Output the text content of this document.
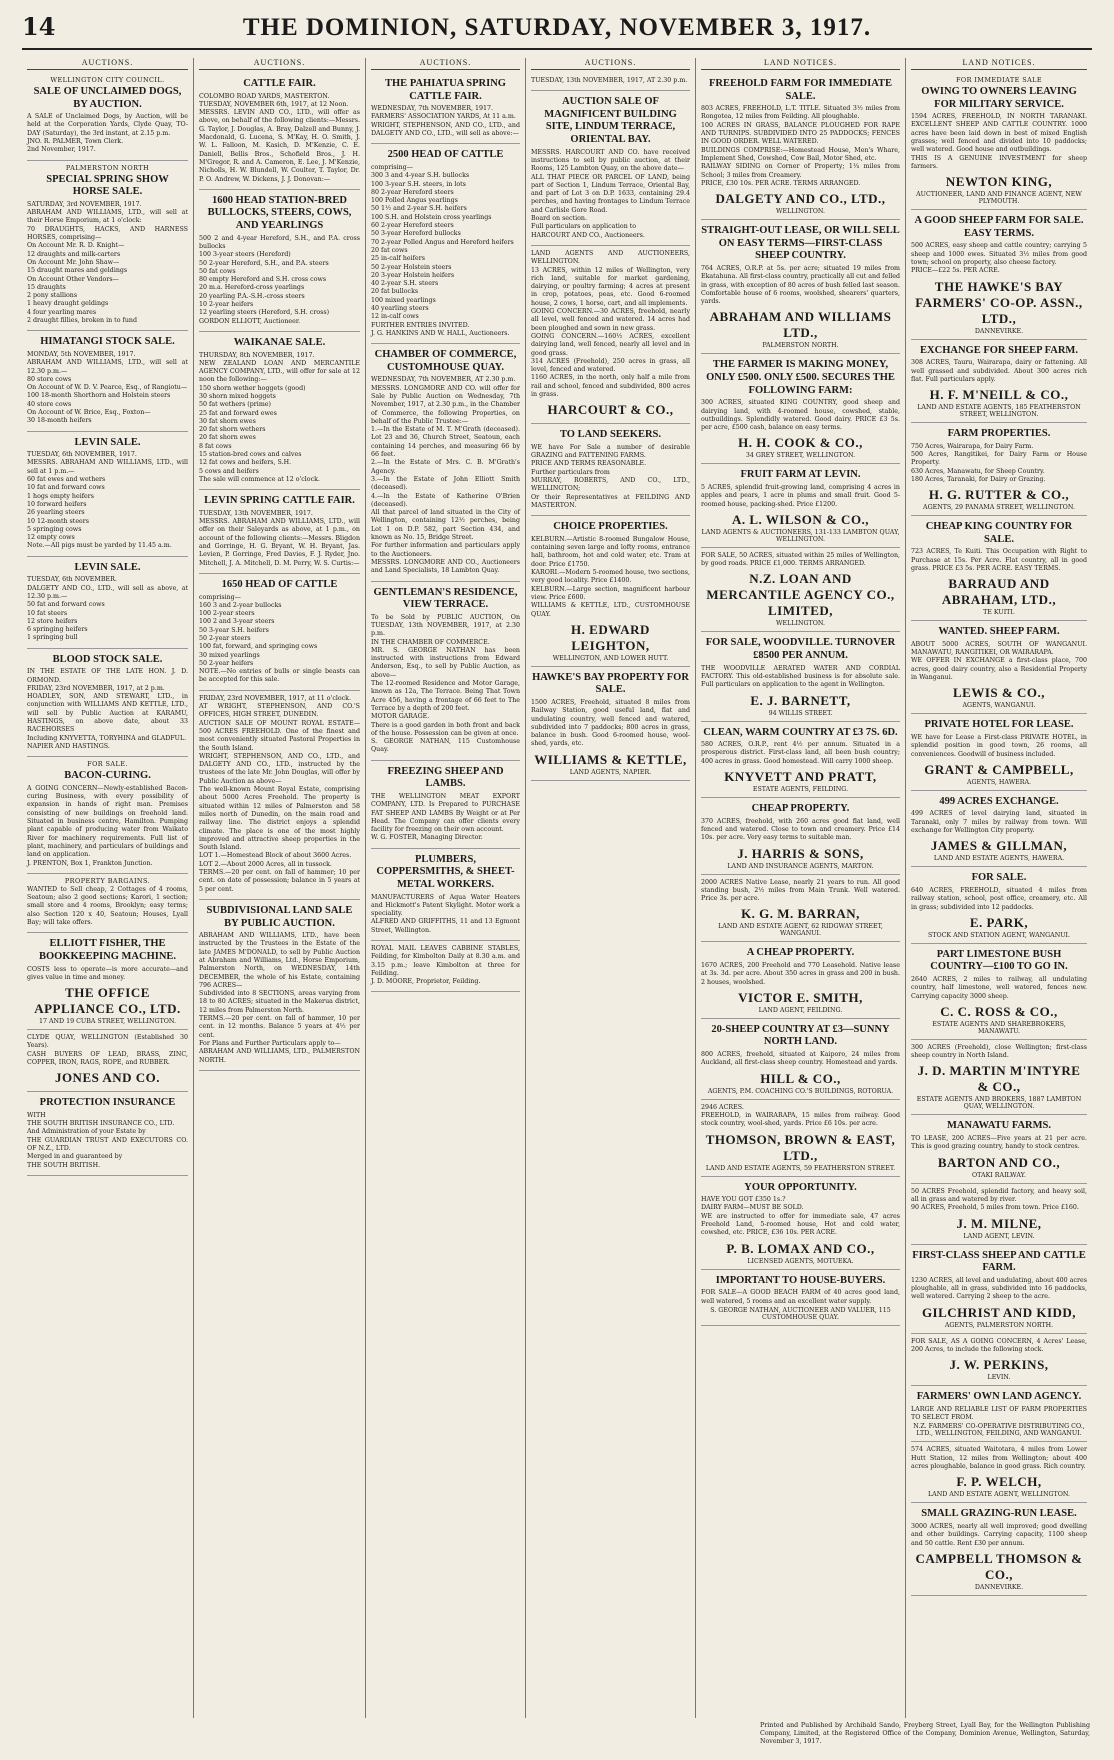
14	THE DOMINION, SATURDAY, NOVEMBER 3, 1917.
AUCTIONS.
WELLINGTON CITY COUNCIL.
SALE OF UNCLAIMED DOGS, BY AUCTION.
A SALE of Unclaimed Dogs, by Auction, will be held at the Corporation Yards, Clyde Quay, TO-DAY (Saturday), the 3rd instant, at 2.15 p.m.
JNO. R. PALMER, Town Clerk.
2nd November, 1917.
PALMERSTON NORTH
SPECIAL SPRING SHOW HORSE SALE.
SATURDAY, 3rd NOVEMBER, 1917.
ABRAHAM AND WILLIAMS, LTD., will sell at their Horse Emporium, at 1 o'clock:
70 DRAUGHTS, HACKS, AND HARNESS HORSES, comprising—
On Account Mr. R. D. Knight—
12 draughts and milk-carters
On Account Mr. John Shaw—
15 draught mares and geldings
On Account Other Vendors—
15 draughts
2 pony stallions
1 heavy draught geldings
4 four yearling mares
2 draught fillies, broken in to fund
HIMATANGI STOCK SALE.
MONDAY, 5th NOVEMBER, 1917.
ABRAHAM AND WILLIAMS, LTD., will sell at 12.30 p.m.—
80 store cows
On Account of W. D. V. Pearce, Esq., of Rangiotu—
100 18-month Shorthorn and Holstein steers
40 store cows
On Account of W. Brice, Esq., Foxton—
30 18-month heifers
LEVIN SALE.
TUESDAY, 6th NOVEMBER, 1917.
MESSRS. ABRAHAM AND WILLIAMS, LTD., will sell at 1 p.m.—
60 fat ewes and wethers
10 fat and forward cows
1 hogs empty heifers
10 forward heifers
26 yearling steers
10 12-month steers
5 springing cows
12 empty cows
Note.—All pigs must be yarded by 11.45 a.m.
LEVIN SALE.
TUESDAY, 6th NOVEMBER.
DALGETY AND CO., LTD., will sell as above, at 12.30 p.m.—
50 fat and forward cows
10 fat steers
12 store heifers
6 springing heifers
1 springing bull
BLOOD STOCK SALE.
IN THE ESTATE OF THE LATE HON. J. D. ORMOND.
FRIDAY, 23rd NOVEMBER, 1917, at 2 p.m.
HOADLEY, SON, AND STEWART, LTD., in conjunction with WILLIAMS AND KETTLE, LTD., will sell by Public Auction at KARAMU, HASTINGS, on above date, about 33 RACEHORSES
Including KNYVETTA, TORYHINA and GLADFUL.
NAPIER AND HASTINGS.
FOR SALE.
BACON-CURING.
A GOING CONCERN—Newly-established Bacon-curing Business, with every possibility of expansion in hands of right man. Premises consisting of new buildings on freehold land. Situated in business centre, Hamilton. Pumping plant capable of producing water from Waikato River for machinery requirements. Full list of plant, machinery, and particulars of buildings and land on application.
J. PRENTON, Box 1, Frankton Junction.
PROPERTY BARGAINS.
WANTED to Sell cheap, 2 Cottages of 4 rooms, Seatoun; also 2 good sections; Karori, 1 section; small store and 4 rooms, Brooklyn; easy terms; also Section 120 x 40, Seatoun; Houses, Lyall Bay; will take offers.
ELLIOTT FISHER, THE BOOKKEEPING MACHINE.
COSTS less to operate—is more accurate—and gives value in time and money.
THE OFFICE APPLIANCE CO., LTD.
17 AND 19 CUBA STREET, WELLINGTON.
CLYDE QUAY, WELLINGTON (Established 30 Years).
CASH BUYERS OF LEAD, BRASS, ZINC, COPPER, IRON, RAGS, ROPE, and RUBBER.
JONES AND CO.
PROTECTION INSURANCE
WITH
THE SOUTH BRITISH INSURANCE CO., LTD.
And Administration of your Estate by
THE GUARDIAN TRUST AND EXECUTORS CO. OF N.Z., LTD.
Merged in and guaranteed by
THE SOUTH BRITISH.
AUCTIONS.
CATTLE FAIR.
COLOMBO ROAD YARDS, MASTERTON.
TUESDAY, NOVEMBER 6th, 1917, at 12 Noon.
MESSRS. LEVIN AND CO., LTD., will offer as above, on behalf of the following clients:—Messrs. G. Taylor, J. Douglas, A. Bray, Dalzell and Bunny, J. Macdonald, G. Lucena, S. M'Kay, H. O. Smith, J. W. L. Falloon, M. Kasich, D. M'Kenzie, C. E. Daniell, Bellis Bros., Schofield Bros., J. H. M'Gregor, R. and A. Cameron, E. Lee, J. M'Kenzie, Nicholls, H. W. Blundell, W. Coulter, T. Taylor, Dr. P. O. Andrew, W. Dickens, J. J. Donovan:—
1600 HEAD STATION-BRED BULLOCKS, STEERS, COWS, AND YEARLINGS
500 2 and 4-year Hereford, S.H., and P.A. cross bullocks
100 3-year steers (Hereford)
50 2-year Hereford, S.H., and P.A. steers
50 fat cows
80 empty Hereford and S.H. cross cows
20 m.a. Hereford-cross yearlings
20 yearling P.A.-S.H.-cross steers
10 2-year heifers
12 yearling steers (Hereford, S.H. cross)
GORDON ELLIOTT, Auctioneer.
WAIKANAE SALE.
THURSDAY, 8th NOVEMBER, 1917.
NEW ZEALAND LOAN AND MERCANTILE AGENCY COMPANY, LTD., will offer for sale at 12 noon the following:—
150 shorn wether hoggets (good)
30 shorn mixed hoggets
50 fat wethers (prime)
25 fat and forward ewes
30 fat shorn ewes
20 fat shorn wethers
20 fat shorn ewes
8 fat cows
15 station-bred cows and calves
12 fat cows and heifers, S.H.
5 cows and heifers
The sale will commence at 12 o'clock.
LEVIN SPRING CATTLE FAIR.
TUESDAY, 13th NOVEMBER, 1917.
MESSRS. ABRAHAM AND WILLIAMS, LTD., will offer on their Saleyards as above, at 1 p.m., on account of the following clients:—Messrs. Bligdon and Gorringe, H. G. Bryant, W. H. Bryant, Jas. Levien, P. Gorringe, Fred Davies, F. J. Ryder, Jno. Mitchell, J. A. Mitchell, D. M. Perry, W. S. Curtis:—
1650 HEAD OF CATTLE
comprising—
160 3 and 2-year bullocks
100 2-year steers
100 2 and 3-year steers
50 3-year S.H. heifers
50 2-year steers
100 fat, forward, and springing cows
30 mixed yearlings
50 2-year heifers
NOTE.—No entries of bulls or single beasts can be accepted for this sale.
FRIDAY, 23rd NOVEMBER, 1917, at 11 o'clock.
AT WRIGHT, STEPHENSON, AND CO.'S OFFICES, HIGH STREET, DUNEDIN.
AUCTION SALE OF MOUNT ROYAL ESTATE—500 ACRES FREEHOLD. One of the finest and most conveniently situated Pastoral Properties in the South Island.
WRIGHT, STEPHENSON, AND CO., LTD., and DALGETY AND CO., LTD., instructed by the trustees of the late Mr. John Douglas, will offer by Public Auction as above—
The well-known Mount Royal Estate, comprising about 5000 Acres Freehold. The property is situated within 12 miles of Palmerston and 58 miles north of Dunedin, on the main road and railway line. The district enjoys a splendid climate. The place is one of the most highly improved and attractive sheep properties in the South Island.
LOT 1.—Homestead Block of about 3600 Acres.
LOT 2.—About 2000 Acres, all in tussock.
TERMS.—20 per cent. on fall of hammer; 10 per cent. on date of possession; balance in 5 years at 5 per cent.
SUBDIVISIONAL LAND SALE BY PUBLIC AUCTION.
ABRAHAM AND WILLIAMS, LTD., have been instructed by the Trustees in the Estate of the late JAMES M'DONALD, to sell by Public Auction at Abraham and Williams, Ltd., Horse Emporium, Palmerston North, on WEDNESDAY, 14th DECEMBER, the whole of his Estate, containing 796 ACRES—
Subdivided into 8 SECTIONS, areas varying from 18 to 80 ACRES; situated in the Makerua district, 12 miles from Palmerston North.
TERMS.—20 per cent. on fall of hammer, 10 per cent. in 12 months. Balance 5 years at 4½ per cent.
For Plans and Further Particulars apply to—
ABRAHAM AND WILLIAMS, LTD., PALMERSTON NORTH.
AUCTIONS.
THE PAHIATUA SPRING CATTLE FAIR.
WEDNESDAY, 7th NOVEMBER, 1917.
FARMERS' ASSOCIATION YARDS, At 11 a.m.
WRIGHT, STEPHENSON, AND CO., LTD., and DALGETY AND CO., LTD., will sell as above:—
2500 HEAD OF CATTLE
comprising—
300 3 and 4-year S.H. bullocks
100 3-year S.H. steers, in lots
80 2-year Hereford steers
100 Polled Angus yearlings
50 1½ and 2-year S.H. heifers
100 S.H. and Holstein cross yearlings
60 2-year Hereford steers
50 3-year Hereford bullocks
70 2-year Polled Angus and Hereford heifers
20 fat cows
25 in-calf heifers
50 2-year Holstein steers
20 3-year Holstein heifers
40 2-year S.H. steers
20 fat bullocks
100 mixed yearlings
40 yearling steers
12 in-calf cows
FURTHER ENTRIES INVITED.
J. G. HANKINS AND W. HALL, Auctioneers.
CHAMBER OF COMMERCE, CUSTOMHOUSE QUAY.
WEDNESDAY, 7th NOVEMBER, AT 2.30 p.m.
MESSRS. LONGMORE AND CO. will offer for Sale by Public Auction on Wednesday, 7th November, 1917, at 2.30 p.m., in the Chamber of Commerce, the following Properties, on behalf of the Public Trustee:—
1.—In the Estate of M. T. M'Grath (deceased). Lot 23 and 36, Church Street, Seatoun, each containing 14 perches, and measuring 66 by 66 feet.
2.—In the Estate of Mrs. C. B. M'Grath's Agency.
3.—In the Estate of John Elliott Smith (deceased).
4.—In the Estate of Katherine O'Brien (deceased).
All that parcel of land situated in the City of Wellington, containing 12½ perches, being Lot 1 on D.P. 582, part Section 434, and known as No. 15, Bridge Street.
For further information and particulars apply to the Auctioneers.
MESSRS. LONGMORE AND CO., Auctioneers and Land Specialists, 18 Lambton Quay.
GENTLEMAN'S RESIDENCE, VIEW TERRACE.
To be Sold by PUBLIC AUCTION, On TUESDAY, 13th NOVEMBER, 1917, at 2.30 p.m.
IN THE CHAMBER OF COMMERCE.
MR. S. GEORGE NATHAN has been instructed with instructions from Edward Anderson, Esq., to sell by Public Auction, as above—
The 12-roomed Residence and Motor Garage, known as 12a, The Terrace. Being That Town Acre 456, having a frontage of 66 feet to The Terrace by a depth of 200 feet.
MOTOR GARAGE.
There is a good garden in both front and back of the house. Possession can be given at once.
S. GEORGE NATHAN, 115 Customhouse Quay.
FREEZING SHEEP AND LAMBS.
THE WELLINGTON MEAT EXPORT COMPANY, LTD. Is Prepared to PURCHASE FAT SHEEP AND LAMBS By Weight or at Per Head. The Company can offer clients every facility for freezing on their own account.
W. G. FOSTER, Managing Director.
PLUMBERS, COPPERSMITHS, & SHEET-METAL WORKERS.
MANUFACTURERS of Aqua Water Heaters and Hickmott's Patent Skylight. Motor work a speciality.
ALFRED AND GRIFFITHS, 11 and 13 Egmont Street, Wellington.
ROYAL MAIL LEAVES CABBINE STABLES, Feilding, for Kimbolton Daily at 8.30 a.m. and 3.15 p.m.; leave Kimbolton at three for Feilding.
J. D. MOORE, Proprietor, Feilding.
AUCTIONS.
TUESDAY, 13th NOVEMBER, 1917, AT 2.30 p.m.
AUCTION SALE OF MAGNIFICENT BUILDING SITE, LINDUM TERRACE, ORIENTAL BAY.
MESSRS. HARCOURT AND CO. have received instructions to sell by public auction, at their Rooms, 125 Lambton Quay, on the above date—
ALL THAT PIECE OR PARCEL OF LAND, being part of Section 1, Lindum Terrace, Oriental Bay, and part of Lot 3 on D.P. 1633, containing 29.4 perches, and having frontages to Lindum Terrace and Carlisle Gore Road.
Board on section.
Full particulars on application to
HARCOURT AND CO., Auctioneers.
LAND AGENTS AND AUCTIONEERS, WELLINGTON.
13 ACRES, within 12 miles of Wellington, very rich land, suitable for market gardening, dairying, or poultry farming; 4 acres at present in crop, potatoes, peas, etc. Good 6-roomed house, 2 cows, 1 horse, cart, and all implements.
GOING CONCERN.—30 ACRES, freehold, nearly all level, well fenced and watered. 14 acres had been ploughed and sown in new grass.
GOING CONCERN.—160½ ACRES, excellent dairying land, well fenced, nearly all level and in good grass.
314 ACRES (Freehold), 250 acres in grass, all level, fenced and watered.
1160 ACRES, in the north, only half a mile from rail and school, fenced and subdivided, 800 acres in grass.
HARCOURT & CO.,
TO LAND SEEKERS.
WE have For Sale a number of desirable GRAZING and FATTENING FARMS.
PRICE AND TERMS REASONABLE.
Further particulars from
MURRAY, ROBERTS, AND CO., LTD., WELLINGTON;
Or their Representatives at FEILDING AND MASTERTON.
CHOICE PROPERTIES.
KELBURN.—Artistic 8-roomed Bungalow House, containing seven large and lofty rooms, entrance hall, bathroom, hot and cold water, etc. Tram at door. Price £1750.
KARORI.—Modern 5-roomed house, two sections, very good locality. Price £1400.
KELBURN.—Large section, magnificent harbour view. Price £600.
WILLIAMS & KETTLE, LTD., CUSTOMHOUSE QUAY.
H. EDWARD LEIGHTON,
WELLINGTON, AND LOWER HUTT.
HAWKE'S BAY PROPERTY FOR SALE.
1500 ACRES, Freehold, situated 8 miles from Railway Station, good useful land, flat and undulating country, well fenced and watered, subdivided into 7 paddocks; 800 acres in grass, balance in bush. Good 6-roomed house, wool-shed, yards, etc.
WILLIAMS & KETTLE,
LAND AGENTS, NAPIER.
LAND NOTICES.
FREEHOLD FARM FOR IMMEDIATE SALE.
803 ACRES, FREEHOLD, L.T. TITLE. Situated 3½ miles from Rongotea, 12 miles from Feilding. All ploughable.
100 ACRES IN GRASS, BALANCE PLOUGHED FOR RAPE AND TURNIPS. SUBDIVIDED INTO 25 PADDOCKS; FENCES IN GOOD ORDER. WELL WATERED.
BUILDINGS COMPRISE:—Homestead House, Men's Whare, Implement Shed, Cowshed, Cow Bail, Motor Shed, etc.
RAILWAY SIDING on Corner of Property; 1¼ miles from School; 3 miles from Creamery.
PRICE, £30 10s. PER ACRE. TERMS ARRANGED.
DALGETY AND CO., LTD.,
WELLINGTON.
STRAIGHT-OUT LEASE, OR WILL SELL ON EASY TERMS—FIRST-CLASS SHEEP COUNTRY.
764 ACRES, O.R.P. at 5s. per acre; situated 19 miles from Ekatahuna. All first-class country, practically all cut and felled in grass, with exception of 80 acres of bush felled last season. Comfortable house of 6 rooms, woolshed, shearers' quarters, yards.
ABRAHAM AND WILLIAMS LTD.,
PALMERSTON NORTH.
THE FARMER IS MAKING MONEY, ONLY £500. ONLY £500. SECURES THE FOLLOWING FARM:
300 ACRES, situated KING COUNTRY, good sheep and dairying land, with 4-roomed house, cowshed, stable, outbuildings. Splendidly watered. Good dairy. PRICE £3 5s. per acre, £500 cash, balance on easy terms.
H. H. COOK & CO.,
34 GREY STREET, WELLINGTON.
FRUIT FARM AT LEVIN.
5 ACRES, splendid fruit-growing land, comprising 4 acres in apples and pears, 1 acre in plums and small fruit. Good 5-roomed house, packing-shed. Price £1200.
A. L. WILSON & CO.,
LAND AGENTS & AUCTIONEERS, 131-133 LAMBTON QUAY, WELLINGTON.
FOR SALE, 50 ACRES, situated within 25 miles of Wellington, by good roads. PRICE £1,000. TERMS ARRANGED.
N.Z. LOAN AND MERCANTILE AGENCY CO., LIMITED,
WELLINGTON.
FOR SALE, WOODVILLE. TURNOVER £8500 PER ANNUM.
THE WOODVILLE AERATED WATER AND CORDIAL FACTORY. This old-established business is for absolute sale. Full particulars on application to the agent in Wellington.
E. J. BARNETT,
94 WILLIS STREET.
CLEAN, WARM COUNTRY AT £3 7S. 6D.
580 ACRES, O.R.P., rent 4½ per annum. Situated in a prosperous district. First-class land, all been bush country; 400 acres in grass. Good homestead. Will carry 1000 sheep.
KNYVETT AND PRATT,
ESTATE AGENTS, FEILDING.
CHEAP PROPERTY.
370 ACRES, freehold, with 260 acres good flat land, well fenced and watered. Close to town and creamery. Price £14 10s. per acre. Very easy terms to suitable man.
J. HARRIS & SONS,
LAND AND INSURANCE AGENTS, MARTON.
2000 ACRES Native Lease, nearly 21 years to run. All good standing bush, 2½ miles from Main Trunk. Well watered. Price 3s. per acre.
K. G. M. BARRAN,
LAND AND ESTATE AGENT, 62 RIDGWAY STREET, WANGANUI.
A CHEAP PROPERTY.
1670 ACRES, 200 Freehold and 770 Leasehold. Native lease at 3s. 3d. per acre. About 350 acres in grass and 200 in bush. 2 houses, woolshed.
VICTOR E. SMITH,
LAND AGENT, FEILDING.
20-SHEEP COUNTRY AT £3—SUNNY NORTH LAND.
800 ACRES, freehold, situated at Kaiporo, 24 miles from Auckland, all first-class sheep country. Homestead and yards.
HILL & CO.,
AGENTS, P.M. COACHING CO.'S BUILDINGS, ROTORUA.
2946 ACRES.
FREEHOLD, in WAIRARAPA, 15 miles from railway. Good stock country, wool-shed, yards. Price £6 10s. per acre.
THOMSON, BROWN & EAST, LTD.,
LAND AND ESTATE AGENTS, 59 FEATHERSTON STREET.
YOUR OPPORTUNITY.
HAVE YOU GOT £350 1s.?
DAIRY FARM—MUST BE SOLD.
WE are instructed to offer for immediate sale, 47 acres Freehold Land, 5-roomed house, Hot and cold water, cowshed, etc. PRICE, £36 10s. PER ACRE.
P. B. LOMAX AND CO.,
LICENSED AGENTS, MOTUEKA.
IMPORTANT TO HOUSE-BUYERS.
FOR SALE—A GOOD BEACH FARM of 40 acres good land, well watered, 5 rooms and an excellent water supply.
S. GEORGE NATHAN, AUCTIONEER AND VALUER, 115 CUSTOMHOUSE QUAY.
LAND NOTICES.
FOR IMMEDIATE SALE
OWING TO OWNERS LEAVING FOR MILITARY SERVICE.
1594 ACRES, FREEHOLD, IN NORTH TARANAKI. EXCELLENT SHEEP AND CATTLE COUNTRY. 1000 acres have been laid down in best of mixed English grasses; well fenced and divided into 10 paddocks; well watered. Good house and outbuildings.
THIS IS A GENUINE INVESTMENT for sheep farmers.
NEWTON KING,
AUCTIONEER, LAND AND FINANCE AGENT, NEW PLYMOUTH.
A GOOD SHEEP FARM FOR SALE. EASY TERMS.
500 ACRES, easy sheep and cattle country; carrying 5 sheep and 1000 ewes. Situated 3½ miles from good town; school on property, also cheese factory.
PRICE—£22 5s. PER ACRE.
THE HAWKE'S BAY FARMERS' CO-OP. ASSN., LTD.,
DANNEVIRKE.
EXCHANGE FOR SHEEP FARM.
308 ACRES, Tauru, Wairarapa, dairy or fattening. All well grassed and subdivided. About 300 acres rich flat. Full particulars apply.
H. F. M'NEILL & CO.,
LAND AND ESTATE AGENTS, 185 FEATHERSTON STREET, WELLINGTON.
FARM PROPERTIES.
750 Acres, Wairarapa, for Dairy Farm.
500 Acres, Rangitikei, for Dairy Farm or House Property.
630 Acres, Manawatu, for Sheep Country.
180 Acres, Taranaki, for Dairy or Grazing.
H. G. RUTTER & CO.,
AGENTS, 29 PANAMA STREET, WELLINGTON.
CHEAP KING COUNTRY FOR SALE.
723 ACRES, Te Kuiti. This Occupation with Right to Purchase at 15s. Per Acre. Flat country, all in good grass. PRICE £3 5s. PER ACRE. EASY TERMS.
BARRAUD AND ABRAHAM, LTD.,
TE KUITI.
WANTED. SHEEP FARM.
ABOUT 5000 ACRES, SOUTH OF WANGANUI. MANAWATU, RANGITIKEI, OR WAIRARAPA.
WE OFFER IN EXCHANGE a first-class place, 700 acres, good dairy country, also a Residential Property in Wanganui.
LEWIS & CO.,
AGENTS, WANGANUI.
PRIVATE HOTEL FOR LEASE.
WE have for Lease a First-class PRIVATE HOTEL, in splendid position in good town, 26 rooms, all conveniences. Goodwill of business included.
GRANT & CAMPBELL,
AGENTS, HAWERA.
499 ACRES EXCHANGE.
499 ACRES of level dairying land, situated in Taranaki, only 7 miles by railway from town. Will exchange for Wellington City property.
JAMES & GILLMAN,
LAND AND ESTATE AGENTS, HAWERA.
FOR SALE.
640 ACRES, FREEHOLD, situated 4 miles from railway station, school, post office, creamery, etc. All in grass; subdivided into 12 paddocks.
E. PARK,
STOCK AND STATION AGENT, WANGANUI.
PART LIMESTONE BUSH COUNTRY—£100 TO GO IN.
2640 ACRES, 2 miles to railway, all undulating country, half limestone, well watered, fences new. Carrying capacity 3000 sheep.
C. C. ROSS & CO.,
ESTATE AGENTS AND SHAREBROKERS, MANAWATU.
300 ACRES (Freehold), close Wellington; first-class sheep country in North Island.
J. D. MARTIN M'INTYRE & CO.,
ESTATE AGENTS AND BROKERS, 1887 LAMBTON QUAY, WELLINGTON.
MANAWATU FARMS.
TO LEASE, 200 ACRES—Five years at 21 per acre. This is good grazing country, handy to stock centres.
BARTON AND CO.,
OTAKI RAILWAY.
50 ACRES Freehold, splendid factory, and heavy soil, all in grass and watered by river.
90 ACRES, Freehold, 5 miles from town. Price £160.
J. M. MILNE,
LAND AGENT, LEVIN.
FIRST-CLASS SHEEP AND CATTLE FARM.
1230 ACRES, all level and undulating, about 400 acres ploughable, all in grass, subdivided into 16 paddocks, well watered. Carrying 2 sheep to the acre.
GILCHRIST AND KIDD,
AGENTS, PALMERSTON NORTH.
FOR SALE, AS A GOING CONCERN, 4 Acres' Lease, 200 Acres, to include the following stock.
J. W. PERKINS,
LEVIN.
FARMERS' OWN LAND AGENCY.
LARGE AND RELIABLE LIST OF FARM PROPERTIES TO SELECT FROM.
N.Z. FARMERS' CO-OPERATIVE DISTRIBUTING CO., LTD., WELLINGTON, FEILDING, AND WANGANUI.
574 ACRES, situated Waitotara, 4 miles from Lower Hutt Station, 12 miles from Wellington; about 400 acres ploughable, balance in good grass. Rich country.
F. P. WELCH,
LAND AND ESTATE AGENT, WELLINGTON.
SMALL GRAZING-RUN LEASE.
3000 ACRES, nearly all well improved; good dwelling and other buildings. Carrying capacity, 1100 sheep and 50 cattle. Rent £30 per annum.
CAMPBELL THOMSON & CO.,
DANNEVIRKE.
Printed and Published by Archibald Sando, Freyberg Street, Lyall Bay, for the Wellington Publishing Company, Limited, at the Registered Office of the Company, Dominion Avenue, Wellington, Saturday, November 3, 1917.
